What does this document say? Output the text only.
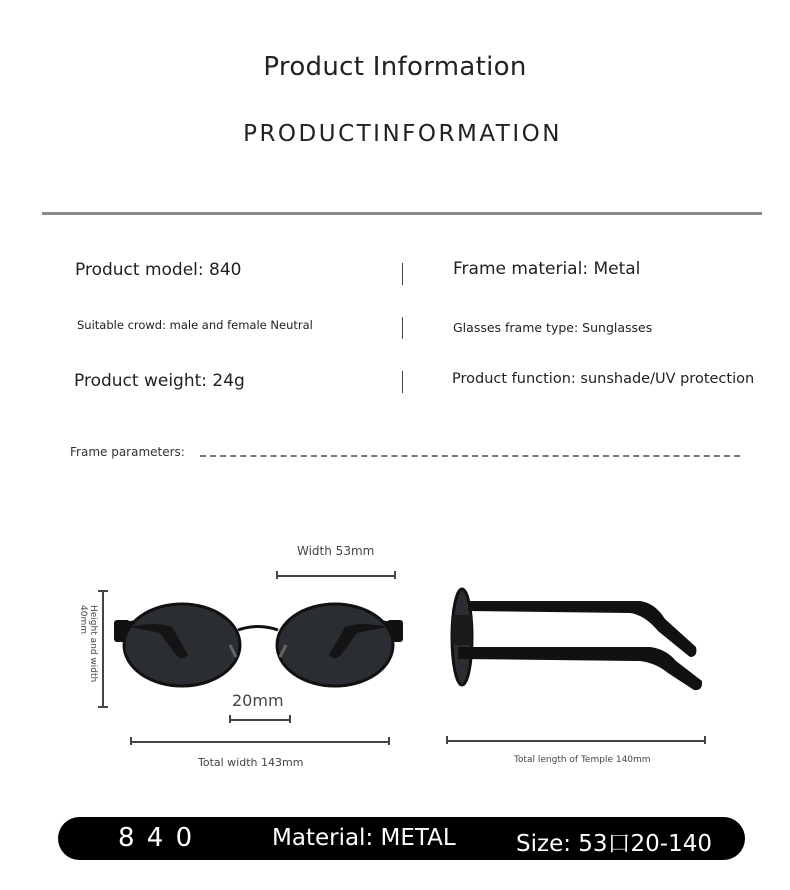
Product Information
PRODUCTINFORMATION
Product model: 840	Frame material: Metal
Suitable crowd: male and female Neutral	Glasses frame type: Sunglasses
Product weight: 24g	Product function: sunshade/UV protection
Frame parameters:
Width 53mm
Height and width
40mm
20mm
Total width 143mm	Total length of Temple 140mm
8 4 0	Material: METAL	Size: 53口20-140
